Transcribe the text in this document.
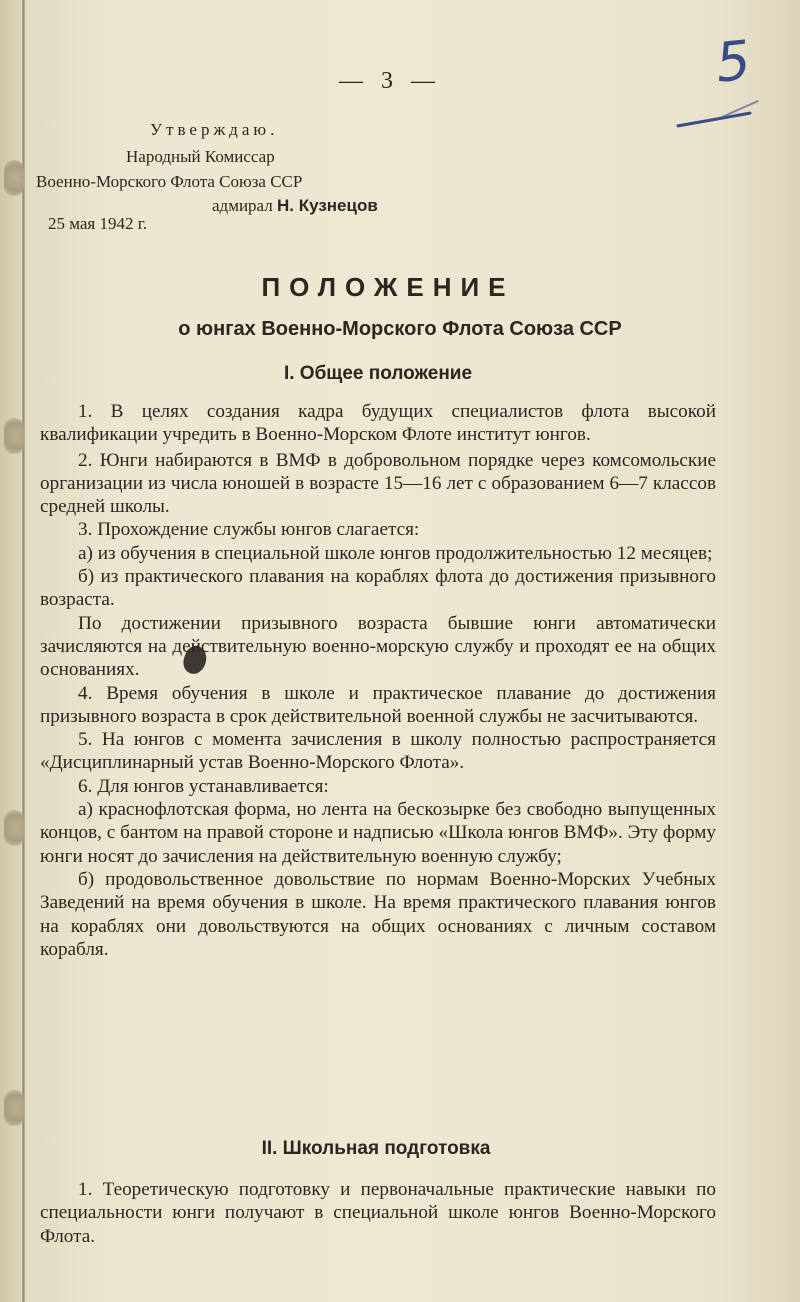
— 3 —	5
Утверждаю.
Народный Комиссар
Военно-Морского Флота Союза ССР
адмирал Н. Кузнецов
25 мая 1942 г.
ПОЛОЖЕНИЕ
о юнгах Военно-Морского Флота Союза ССР
I. Общее положение

1. В целях создания кадра будущих специалистов флота высокой квалификации учредить в Военно-Морском Флоте институт юнгов.

2. Юнги набираются в ВМФ в добровольном порядке через комсомольские организации из числа юношей в возрасте 15—16 лет с образованием 6—7 классов средней школы.

3. Прохождение службы юнгов слагается:

а) из обучения в специальной школе юнгов продолжительностью 12 месяцев;

б) из практического плавания на кораблях флота до достижения призывного возраста.

По достижении призывного возраста бывшие юнги автоматически зачисляются на действительную военно-морскую службу и проходят ее на общих основаниях.

4. Время обучения в школе и практическое плавание до достижения призывного возраста в срок действительной военной службы не засчитываются.

5. На юнгов с момента зачисления в школу полностью распространяется «Дисциплинарный устав Военно-Морского Флота».

6. Для юнгов устанавливается:

а) краснофлотская форма, но лента на бескозырке без свободно выпущенных концов, с бантом на правой стороне и надписью «Школа юнгов ВМФ». Эту форму юнги носят до зачисления на действительную военную службу;

б) продовольственное довольствие по нормам Военно-Морских Учебных Заведений на время обучения в школе. На время практического плавания юнгов на кораблях они довольствуются на общих основаниях с личным составом корабля.

II. Школьная подготовка

1. Теоретическую подготовку и первоначальные практические навыки по специальности юнги получают в специальной школе юнгов Военно-Морского Флота.
